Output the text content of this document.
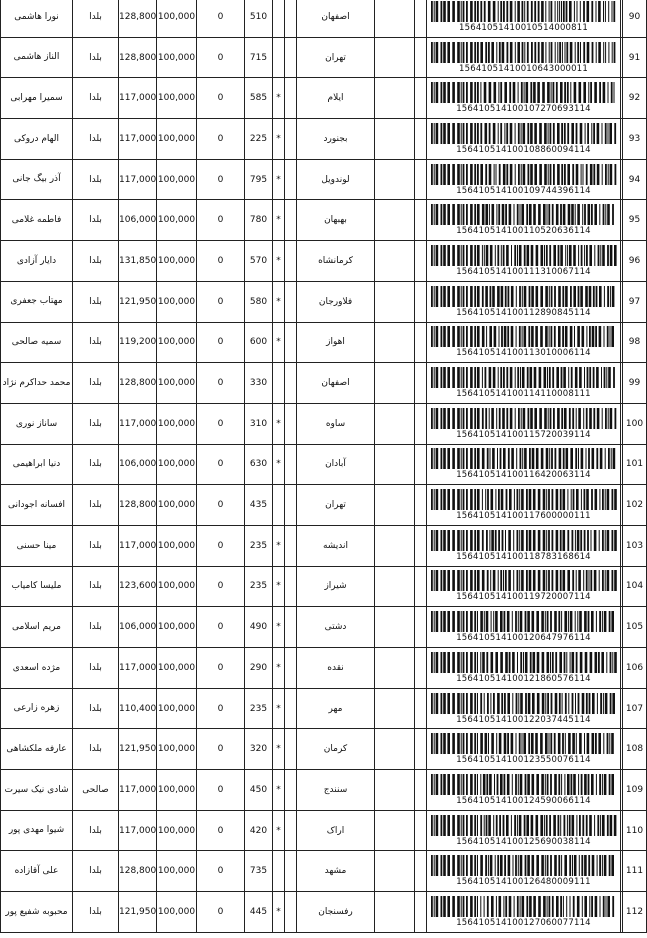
نورا هاشمی	بلدا	128,800	100,000	0	510			اصفهان			15641051410010514000811		90
الناز هاشمی	بلدا	128,800	100,000	0	715			تهران			15641051410010643000011		91
سمیرا مهرابی	بلدا	117,000	100,000	0	585	*		ایلام			156410514100107270693114		92
الهام دروکی	بلدا	117,000	100,000	0	225	*		بجنورد			156410514100108860094114		93
آذر بیگ جانی	بلدا	117,000	100,000	0	795	*		لوندویل			156410514100109744396114		94
فاطمه غلامی	بلدا	106,000	100,000	0	780	*		بهبهان			156410514100110520636114		95
دایار آزادی	بلدا	131,850	100,000	0	570	*		کرمانشاه			156410514100111310067114		96
مهتاب جعفری	بلدا	121,950	100,000	0	580	*		فلاورجان			156410514100112890845114		97
سمیه صالحی	بلدا	119,200	100,000	0	600	*		اهواز			156410514100113010006114		98
محمد حداکرم نژاد	بلدا	128,800	100,000	0	330			اصفهان			156410514100114110008111		99
ساناز نوری	بلدا	117,000	100,000	0	310	*		ساوه			156410514100115720039114		100
دنیا ابراهیمی	بلدا	106,000	100,000	0	630	*		آبادان			156410514100116420063114		101
افسانه اجودانی	بلدا	128,800	100,000	0	435			تهران			156410514100117600000111		102
مینا حسنی	بلدا	117,000	100,000	0	235	*		اندیشه			156410514100118783168614		103
ملیسا کامیاب	بلدا	123,600	100,000	0	235	*		شیراز			156410514100119720007114		104
مریم اسلامی	بلدا	106,000	100,000	0	490	*		دشتی			156410514100120647976114		105
مژده اسعدی	بلدا	117,000	100,000	0	290	*		نقده			156410514100121860576114		106
زهره زارعی	بلدا	110,400	100,000	0	235	*		مهر			156410514100122037445114		107
عارفه ملکشاهی	بلدا	121,950	100,000	0	320	*		کرمان			156410514100123550076114		108
شادی نیک سیرت	صالحی	117,000	100,000	0	450	*		سنندج			156410514100124590066114		109
شیوا مهدی پور	بلدا	117,000	100,000	0	420	*		اراک			156410514100125690038114		110
علی آقازاده	بلدا	128,800	100,000	0	735			مشهد			156410514100126480009111		111
محبوبه شفیع پور	بلدا	121,950	100,000	0	445	*		رفسنجان			156410514100127060077114		112
